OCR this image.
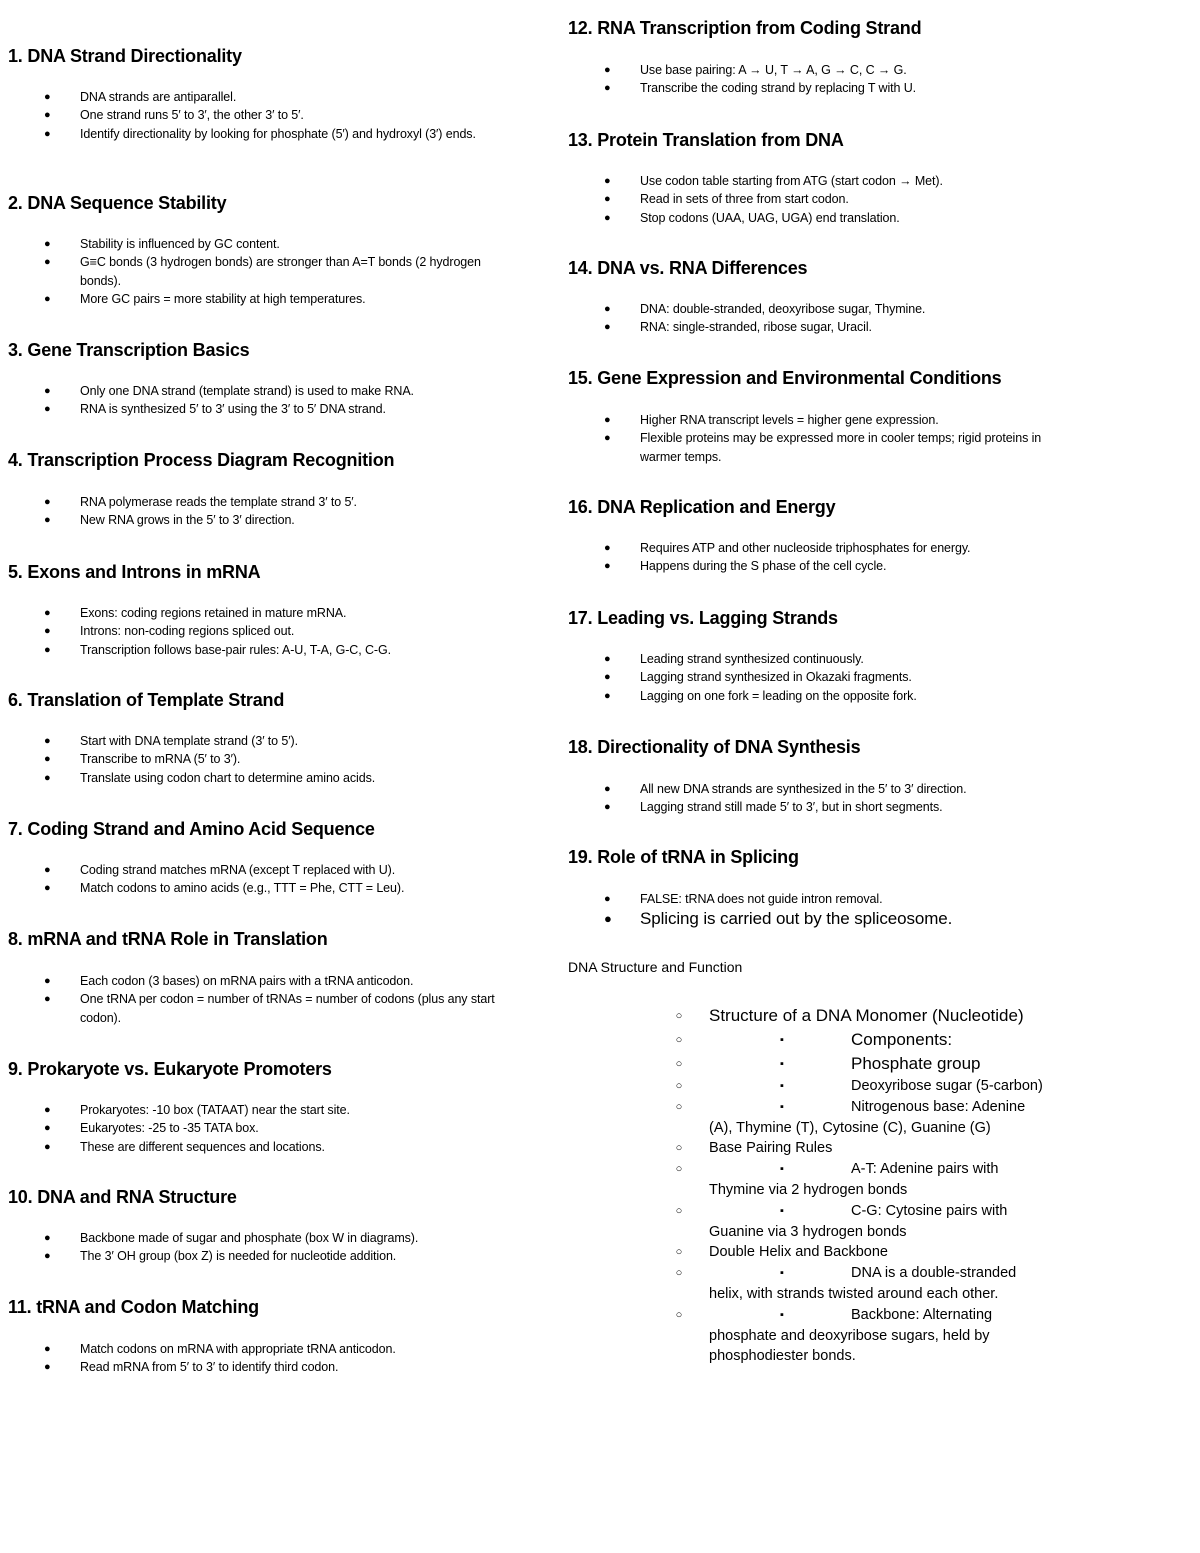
1. DNA Strand Directionality
● DNA strands are antiparallel.
● One strand runs 5′ to 3′, the other 3′ to 5′.
● Identify directionality by looking for phosphate (5′) and hydroxyl (3′) ends.
2. DNA Sequence Stability
● Stability is influenced by GC content.
● G≡C bonds (3 hydrogen bonds) are stronger than A=T bonds (2 hydrogen bonds).
● More GC pairs = more stability at high temperatures.
3. Gene Transcription Basics
● Only one DNA strand (template strand) is used to make RNA.
● RNA is synthesized 5′ to 3′ using the 3′ to 5′ DNA strand.
4. Transcription Process Diagram Recognition
● RNA polymerase reads the template strand 3′ to 5′.
● New RNA grows in the 5′ to 3′ direction.
5. Exons and Introns in mRNA
● Exons: coding regions retained in mature mRNA.
● Introns: non-coding regions spliced out.
● Transcription follows base-pair rules: A-U, T-A, G-C, C-G.
6. Translation of Template Strand
● Start with DNA template strand (3′ to 5′).
● Transcribe to mRNA (5′ to 3′).
● Translate using codon chart to determine amino acids.
7. Coding Strand and Amino Acid Sequence
● Coding strand matches mRNA (except T replaced with U).
● Match codons to amino acids (e.g., TTT = Phe, CTT = Leu).
8. mRNA and tRNA Role in Translation
● Each codon (3 bases) on mRNA pairs with a tRNA anticodon.
● One tRNA per codon = number of tRNAs = number of codons (plus any start codon).
9. Prokaryote vs. Eukaryote Promoters
● Prokaryotes: -10 box (TATAAT) near the start site.
● Eukaryotes: -25 to -35 TATA box.
● These are different sequences and locations.
10. DNA and RNA Structure
● Backbone made of sugar and phosphate (box W in diagrams).
● The 3′ OH group (box Z) is needed for nucleotide addition.
11. tRNA and Codon Matching
● Match codons on mRNA with appropriate tRNA anticodon.
● Read mRNA from 5′ to 3′ to identify third codon.
12. RNA Transcription from Coding Strand
● Use base pairing: A → U, T → A, G → C, C → G.
● Transcribe the coding strand by replacing T with U.
13. Protein Translation from DNA
● Use codon table starting from ATG (start codon → Met).
● Read in sets of three from start codon.
● Stop codons (UAA, UAG, UGA) end translation.
14. DNA vs. RNA Differences
● DNA: double-stranded, deoxyribose sugar, Thymine.
● RNA: single-stranded, ribose sugar, Uracil.
15. Gene Expression and Environmental Conditions
● Higher RNA transcript levels = higher gene expression.
● Flexible proteins may be expressed more in cooler temps; rigid proteins in warmer temps.
16. DNA Replication and Energy
● Requires ATP and other nucleoside triphosphates for energy.
● Happens during the S phase of the cell cycle.
17. Leading vs. Lagging Strands
● Leading strand synthesized continuously.
● Lagging strand synthesized in Okazaki fragments.
● Lagging on one fork = leading on the opposite fork.
18. Directionality of DNA Synthesis
● All new DNA strands are synthesized in the 5′ to 3′ direction.
● Lagging strand still made 5′ to 3′, but in short segments.
19. Role of tRNA in Splicing
● FALSE: tRNA does not guide intron removal.
● Splicing is carried out by the spliceosome.
DNA Structure and Function
○	Structure of a DNA Monomer (Nucleotide)
○	▪	Components:
○	▪	Phosphate group
○	▪	Deoxyribose sugar (5-carbon)
○	▪	Nitrogenous base: Adenine (A), Thymine (T), Cytosine (C), Guanine (G)
○	Base Pairing Rules
○	▪	A-T: Adenine pairs with Thymine via 2 hydrogen bonds
○	▪	C-G: Cytosine pairs with Guanine via 3 hydrogen bonds
○	Double Helix and Backbone
○	▪	DNA is a double-stranded helix, with strands twisted around each other.
○	▪	Backbone: Alternating phosphate and deoxyribose sugars, held by phosphodiester bonds.
